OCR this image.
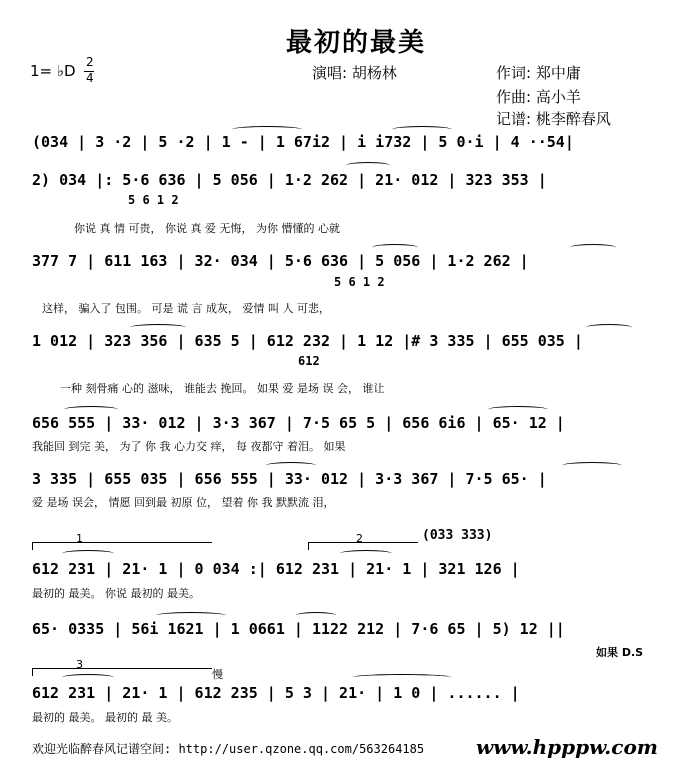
最初的最美
1= ♭D 2
4	演唱: 胡杨林	作词: 郑中庸
作曲: 高小羊
记谱: 桃李醉春风
(034 | 3 ·2 | 5 ·2 | 1 - | 1 67i2 | i i732 | 5 0·i | 4 ··54|
2) 034 |: 5·6 636 | 5 056 | 1·2 262 | 21· 012 | 323 353 |
5 6 1 2
你说 真 情 可贵， 你说 真 爱 无悔， 为你 懵懂的 心就
377 7 | 611 163 | 32· 034 | 5·6 636 | 5 056 | 1·2 262 |
5 6 1 2
这样， 骗入了 包围。 可是 谎 言 成灰， 爱情 叫 人 可悲，
1 012 | 323 356 | 635 5 | 612 232 | 1 12 |# 3 335 | 655 035 |
612
一种 刻骨痛 心的 滋味， 谁能去 挽回。 如果 爱 是场 误 会， 谁让
656 555 | 33· 012 | 3·3 367 | 7·5 65 5 | 656 6i6 | 65· 12 |
我能回 到完 美， 为了 你 我 心力交 痒， 每 夜都守 着泪。 如果
3 335 | 655 035 | 656 555 | 33· 012 | 3·3 367 | 7·5 65· |
爱 是场 误会， 情愿 回到最 初原 位， 望着 你 我 默默流 泪，
(033 333)
1	2
612 231 | 21· 1 | 0 034 :| 612 231 | 21· 1 | 321 126 |
最初的 最美。 你说 最初的 最美。
65· 0335 | 56i 1621 | 1 0661 | 1122 212 | 7·6 65 | 5) 12 ||
如果 D.S
3
慢
612 231 | 21· 1 | 612 235 | 5 3 | 21· | 1 0 | ...... |
最初的 最美。 最初的 最 美。
欢迎光临醉春风记谱空间: http://user.qzone.qq.com/563264185	www.hpppw.com
